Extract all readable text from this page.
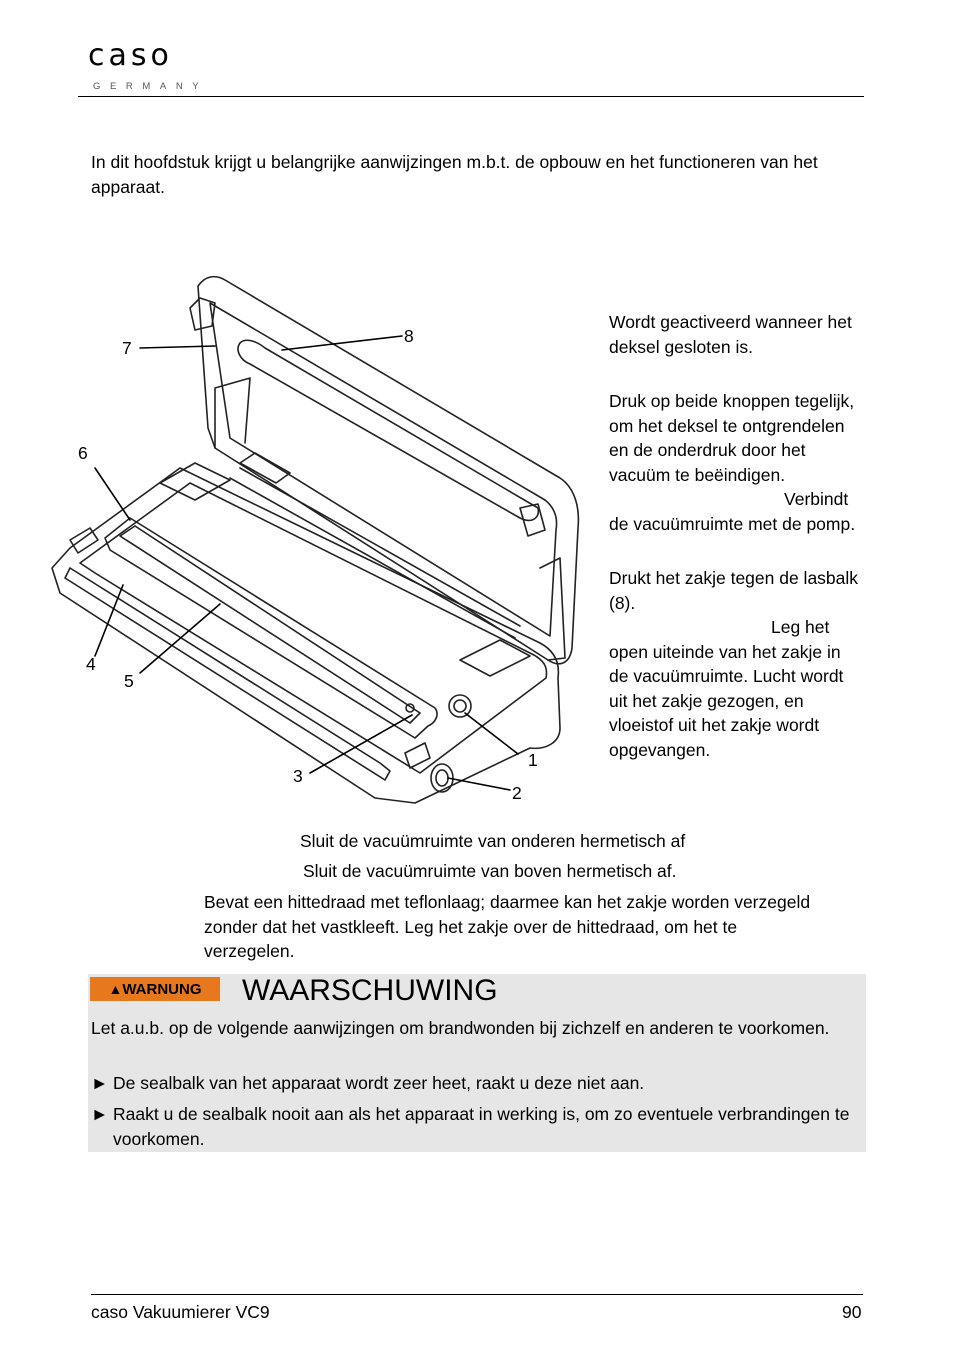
caso
GERMANY
In dit hoofdstuk krijgt u belangrijke aanwijzingen m.b.t. de opbouw en het functioneren van het apparaat.
7
8
6
4
5
3
1
2

Wordt geactiveerd wanneer het deksel gesloten is.

Druk op beide knoppen tegelijk, om het deksel te ontgrendelen en de onderdruk door het vacuüm te beëindigen.

Verbindt

de vacuümruimte met de pomp.

Drukt het zakje tegen de lasbalk (8).

Leg het

open uiteinde van het zakje in de vacuümruimte. Lucht wordt uit het zakje gezogen, en vloeistof uit het zakje wordt opgevangen.

Sluit de vacuümruimte van onderen hermetisch af
Sluit de vacuümruimte van boven hermetisch af.
Bevat een hittedraad met teflonlaag; daarmee kan het zakje worden verzegeld zonder dat het vastkleeft. Leg het zakje over de hittedraad, om het te verzegelen.
▲WARNUNG	WAARSCHUWING
Let a.u.b. op de volgende aanwijzingen om brandwonden bij zichzelf en anderen te voorkomen.
► De sealbalk van het apparaat wordt zeer heet, raakt u deze niet aan.
► Raakt u de sealbalk nooit aan als het apparaat in werking is, om zo eventuele verbrandingen te voorkomen.
caso Vakuumierer VC9	90
